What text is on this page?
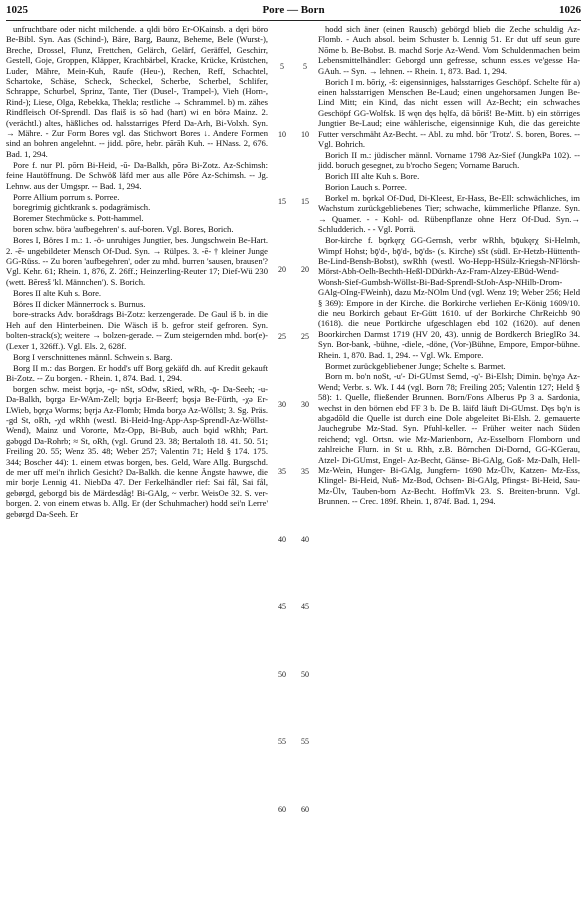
1025	Pore — Born	1026

unfruchtbare oder nicht milchende. a qldi böro Er-OKainsb. a dęri böro Be-Bibl. Syn. Aas (Schind-), Bäre, Barg, Baunz, Beheme, Bele (Wurst-), Breche, Drossel, Flunz, Frettchen, Gelärch, Gelärf, Geräffel, Geschirr, Gestell, Goje, Groppen, Kläpper, Krachbärbel, Kracke, Krücke, Krüstchen, Luder, Mähre, Mein-Kuh, Raufe (Heu-), Rechen, Reff, Schachtel, Schartoke, Schäse, Scheck, Scheckel, Scherbe, Scherbel, Schlifer, Schrappe, Schurbel, Sprinz, Tante, Tier (Dusel-, Trampel-), Vieh (Horn-, Rind-); Liese, Olga, Rebekka, Thekla; restliche → Schrammel. b) m. zähes Rindfleisch Of-Sprendl. Das flaiš is sō had (hart) wi en börə Mainz. 2. (verächtl.) altes, häßliches od. halsstarriges Pferd Da-Arh, Bi-Volxh. Syn. → Mähre. - Zur Form Bores vgl. das Stichwort Bores ↓. Andere Formen sind an bohren angelehnt. -- jidd. pōre, hebr. pārāh Kuh. -- HNass. 2, 676. Bad. 1, 294.

Pore f. nur Pl. pōrn Bi-Heid, -ū- Da-Balkh, pōrə Bi-Zotz. Az-Schimsh: feine Hautöffnung. De Schwöß läfd mer aus alle Pōre Az-Schimsh. -- Jg. Lehnw. aus der Umgspr. -- Bad. 1, 294.

Porre Allium porrum s. Porree.

boregrimig gichtkrank s. podagrämisch.

Boremer Stechmücke s. Pott-hammel.

boren schw. börə 'aufbegehren' s. auf-boren. Vgl. Bores, Borich.

Bores I, Böres I m.: 1. -ö- unruhiges Jungtier, bes. Jungschwein Be-Hart. 2. -ē- ungebildeter Mensch Of-Dud. Syn. → Rülpes. 3. -ē- † kleiner Junge GG-Rüss. -- Zu boren 'aufbegehren', oder zu mhd. burren 'sausen, brausen'? Vgl. Kehr. 61; Rhein. 1, 876, Z. 26ff.; Heinzerling-Reuter 17; Dief-Wü 230 (wett. Bēresš 'kl. Männchen'). S. Borich.

Bores II alte Kuh s. Bore.

Böres II dicker Männerrock s. Burnus.

bore-stracks Adv. borəšdrags Bi-Zotz: kerzengerade. De Gaul iš b. in die Heh auf den Hinterbeinen. Die Wäsch iš b. gefror steif gefroren. Syn. bolten-strack(s); weitere → bolzen-gerade. -- Zum steigernden mhd. bor(e)- (Lexer 1, 326ff.). Vgl. Els. 2, 628f.

Borg I verschnittenes männl. Schwein s. Barg.

Borg II m.: das Borgen. Er hodd's uff Borg gekäfd dh. auf Kredit gekauft Bi-Zotz. -- Zu borgen. - Rhein. 1, 874. Bad. 1, 294.

borgen schw. meist bǫrjə, -ǫ- nSt, sOdw, sRied, wRh, -ǭ- Da-Seeh; -u- Da-Balkh, bǫrgə Er-WAm-Zell; bǫrjə Er-Beerf; bǫsjə Be-Fürth, -χə Er-LWieb, bǫrχə Worms; bęrjə Az-Flomb; Hmda borχə Az-Wöllst; 3. Sg. Präs. -gd St, oRh, -χd wRhh (westl. Bi-Heid-Ing-App-Asp-Sprendl-Az-Wöllst-Wend), Mainz und Vororte, Mz-Opp, Bi-Bub, auch bǫid wRhh; Part. gəbǫgd Da-Rohrb; ≈ St, oRh, (vgl. Grund 23. 38; Bertaloth 18. 41. 50. 51; Freiling 20. 55; Wenz 35. 48; Weber 257; Valentin 71; Held § 174. 175. 344; Boscher 44): 1. einem etwas borgen, bes. Geld, Ware Allg. Burgschd. de mer uff mei'n ihrlich Gesicht? Da-Balkh. die kenne Ängste hawwe, die mir borje Lennig 41. NiebDa 47. Der Ferkelhändler rief: Sai fål, Sai fål, gebørgd, geborgd bis de Märdesdåg! Bi-GAlg, ~ verbr. WeisOe 32. S. ver-borgen. 2. von einem etwas b. Allg. Er (der Schuhmacher) hodd sei'n Lerre' gebørgd Da-Seeh. Er

5
10
15
20
25
30
35
40
45
50
55
60
5
10
15
20
25
30
35
40
45
50
55
60

hodd sich äner (einen Rausch) gebörgd blieb die Zeche schuldig Az-Flomb. - Auch absol. beim Schuster b. Lennig 51. Er dut uff seun gure Nōme b. Be-Bobst. B. machd Sorje Az-Wend. Vom Schuldenmachen beim Lebensmittelhändler: Geborgd unn gefresse, schunn ess.es ve'gesse Ha-GAuh. -- Syn. → lehnen. -- Rhein. 1, 873. Bad. 1, 294.

Borich I m. bōriχ, -š: eigensinniges, halsstarriges Geschöpf. Schelte für a) einen halsstarrigen Menschen Be-Laud; einen ungehorsamen Jungen Be-Lind Mitt; ein Kind, das nicht essen will Az-Becht; ein schwaches Geschöpf GG-Wolfsk. Iš węn dęs hęlfə, dā bōriš! Be-Mitt. b) ein störriges Jungtier Be-Laud; eine wählerische, eigensinnige Kuh, die das gereichte Futter verschmäht Az-Becht. -- Abl. zu mhd. bōr 'Trotz'. S. boren, Bores. -- Vgl. Bohrich.

Borich II m.: jüdischer männl. Vorname 1798 Az-Sief (JungkPa 102). -- jidd. boruch gesegnet, zu b'rocho Segen; Vorname Baruch.

Borich III alte Kuh s. Bore.

Borion Lauch s. Porree.

Borkel m. bǫrkəl Of-Dud, Di-Kleest, Er-Hass, Be-Ell: schwächliches, im Wachstum zurückgebliebenes Tier; schwache, kümmerliche Pflanze. Syn. → Quamer. - - Kohl- od. Rübenpflanze ohne Herz Of-Dud. Syn.→ Schludderich. - - Vgl. Porrä.

Bor-kirche f. bǫrkęrχ GG-Gernsh, verbr wRhh, bǭukęrχ Si-Helmh, Wimpf Hohst; bǭ'd-, bǭ'd-, bǭ'ds- (s. Kirche) sSt (südl. Er-Hetzb-Hüttenth-Be-Lind-Bensh-Bobst), swRhh (westl. Wo-Hepp-HSülz-Kriegsh-NFlörsh-Mörst-Abh-Oelh-Bechth-Heßl-DDürkh-Az-Fram-Alzey-EBüd-Wend-Wonsh-Sief-Gumbsh-Wöllst-Bi-Bad-Sprendl-StJoh-Asp-NHilb-Drom-GAlg-OIng-FWeinh), dazu Mz-NOlm Und (vgl. Wenz 19; Weber 256; Held § 369): Empore in der Kirche. die Borkirche verliehen Er-König 1609/10. die neu Borkirch gebaut Er-Gütt 1610. uf der Borkirche ChrReichb 90 (1618). die neue Portkirche ufgeschlagen ebd 102 (1620). auf denen Boorkirchen Darmst 1719 (HV 20, 43). unnig de Bordkerch BrieglRo 34. Syn. Bor-bank, -bühne, -diele, -döne, (Vor-)Bühne, Empore, Empor-bühne. Rhein. 1, 870. Bad. 1, 294. -- Vgl. Wk. Empore.

Bormet zurückgebliebener Junge; Schelte s. Barmet.

Born m. bo'n noSt, -u'- Di-GUmst Semd, -ǫ'- Bi-Elsh; Dimin. bę'nχə Az-Wend; Verbr. s. Wk. I 44 (vgl. Born 78; Freiling 205; Valentin 127; Held § 58): 1. Quelle, fließender Brunnen. Born/Fons Alberus Pp 3 a. Sardonia, wechst in den börnen ebd FF 3 b. De B. läifd läuft Di-GUmst. Dęs bǫ'n is abgədōld die Quelle ist durch eine Dole abgeleitet Bi-Elsh. 2. gemauerte Jauchegrube Mz-Stad. Syn. Pfuhl-keller. -- Früher weiter nach Süden reichend; vgl. Ortsn. wie Mz-Marienborn, Az-Esselborn Flomborn und zahlreiche Flurn. in St u. Rhh, z.B. Börnchen Di-Dornd, GG-KGerau, Atzel- Di-GUmst, Engel- Az-Becht, Gänse- Bi-GAlg, Goß- Mz-Dalh, Hell- Mz-Wein, Hunger- Bi-GAlg, Jungfern- 1690 Mz-Ülv, Katzen- Mz-Ess, Klingel- Bi-Heid, Nuß- Mz-Bod, Ochsen- Bi-GAlg, Pfingst- Bi-Heid, Sau-Mz-Ülv, Tauben-born Az-Becht. HoffmVk 23. S. Breiten-brunn. Vgl. Brunnen. -- Crec. 189f. Rhein. 1, 874f. Bad. 1, 294.
